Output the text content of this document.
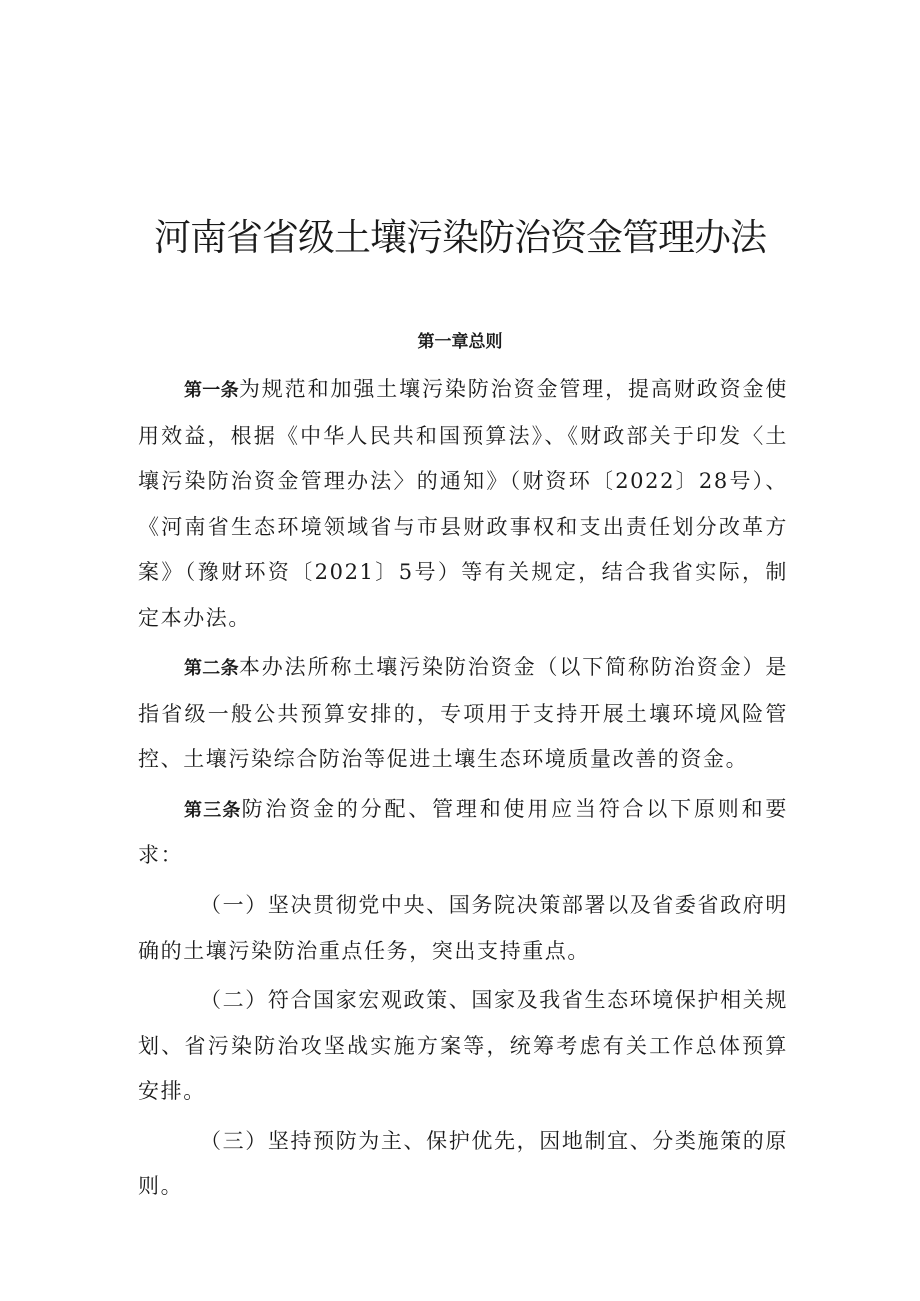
河南省省级土壤污染防治资金管理办法
第一章总则

第一条为规范和加强土壤污染防治资金管理，提高财政资金使用效益，根据《中华人民共和国预算法》、《财政部关于印发〈土壤污染防治资金管理办法〉的通知》（财资环〔2022〕28号）、《河南省生态环境领域省与市县财政事权和支出责任划分改革方案》（豫财环资〔2021〕5号）等有关规定，结合我省实际，制定本办法。

第二条本办法所称土壤污染防治资金（以下简称防治资金）是指省级一般公共预算安排的，专项用于支持开展土壤环境风险管控、土壤污染综合防治等促进土壤生态环境质量改善的资金。

第三条防治资金的分配、管理和使用应当符合以下原则和要求：

（一）坚决贯彻党中央、国务院决策部署以及省委省政府明确的土壤污染防治重点任务，突出支持重点。

（二）符合国家宏观政策、国家及我省生态环境保护相关规划、省污染防治攻坚战实施方案等，统筹考虑有关工作总体预算安排。

（三）坚持预防为主、保护优先，因地制宜、分类施策的原则。
